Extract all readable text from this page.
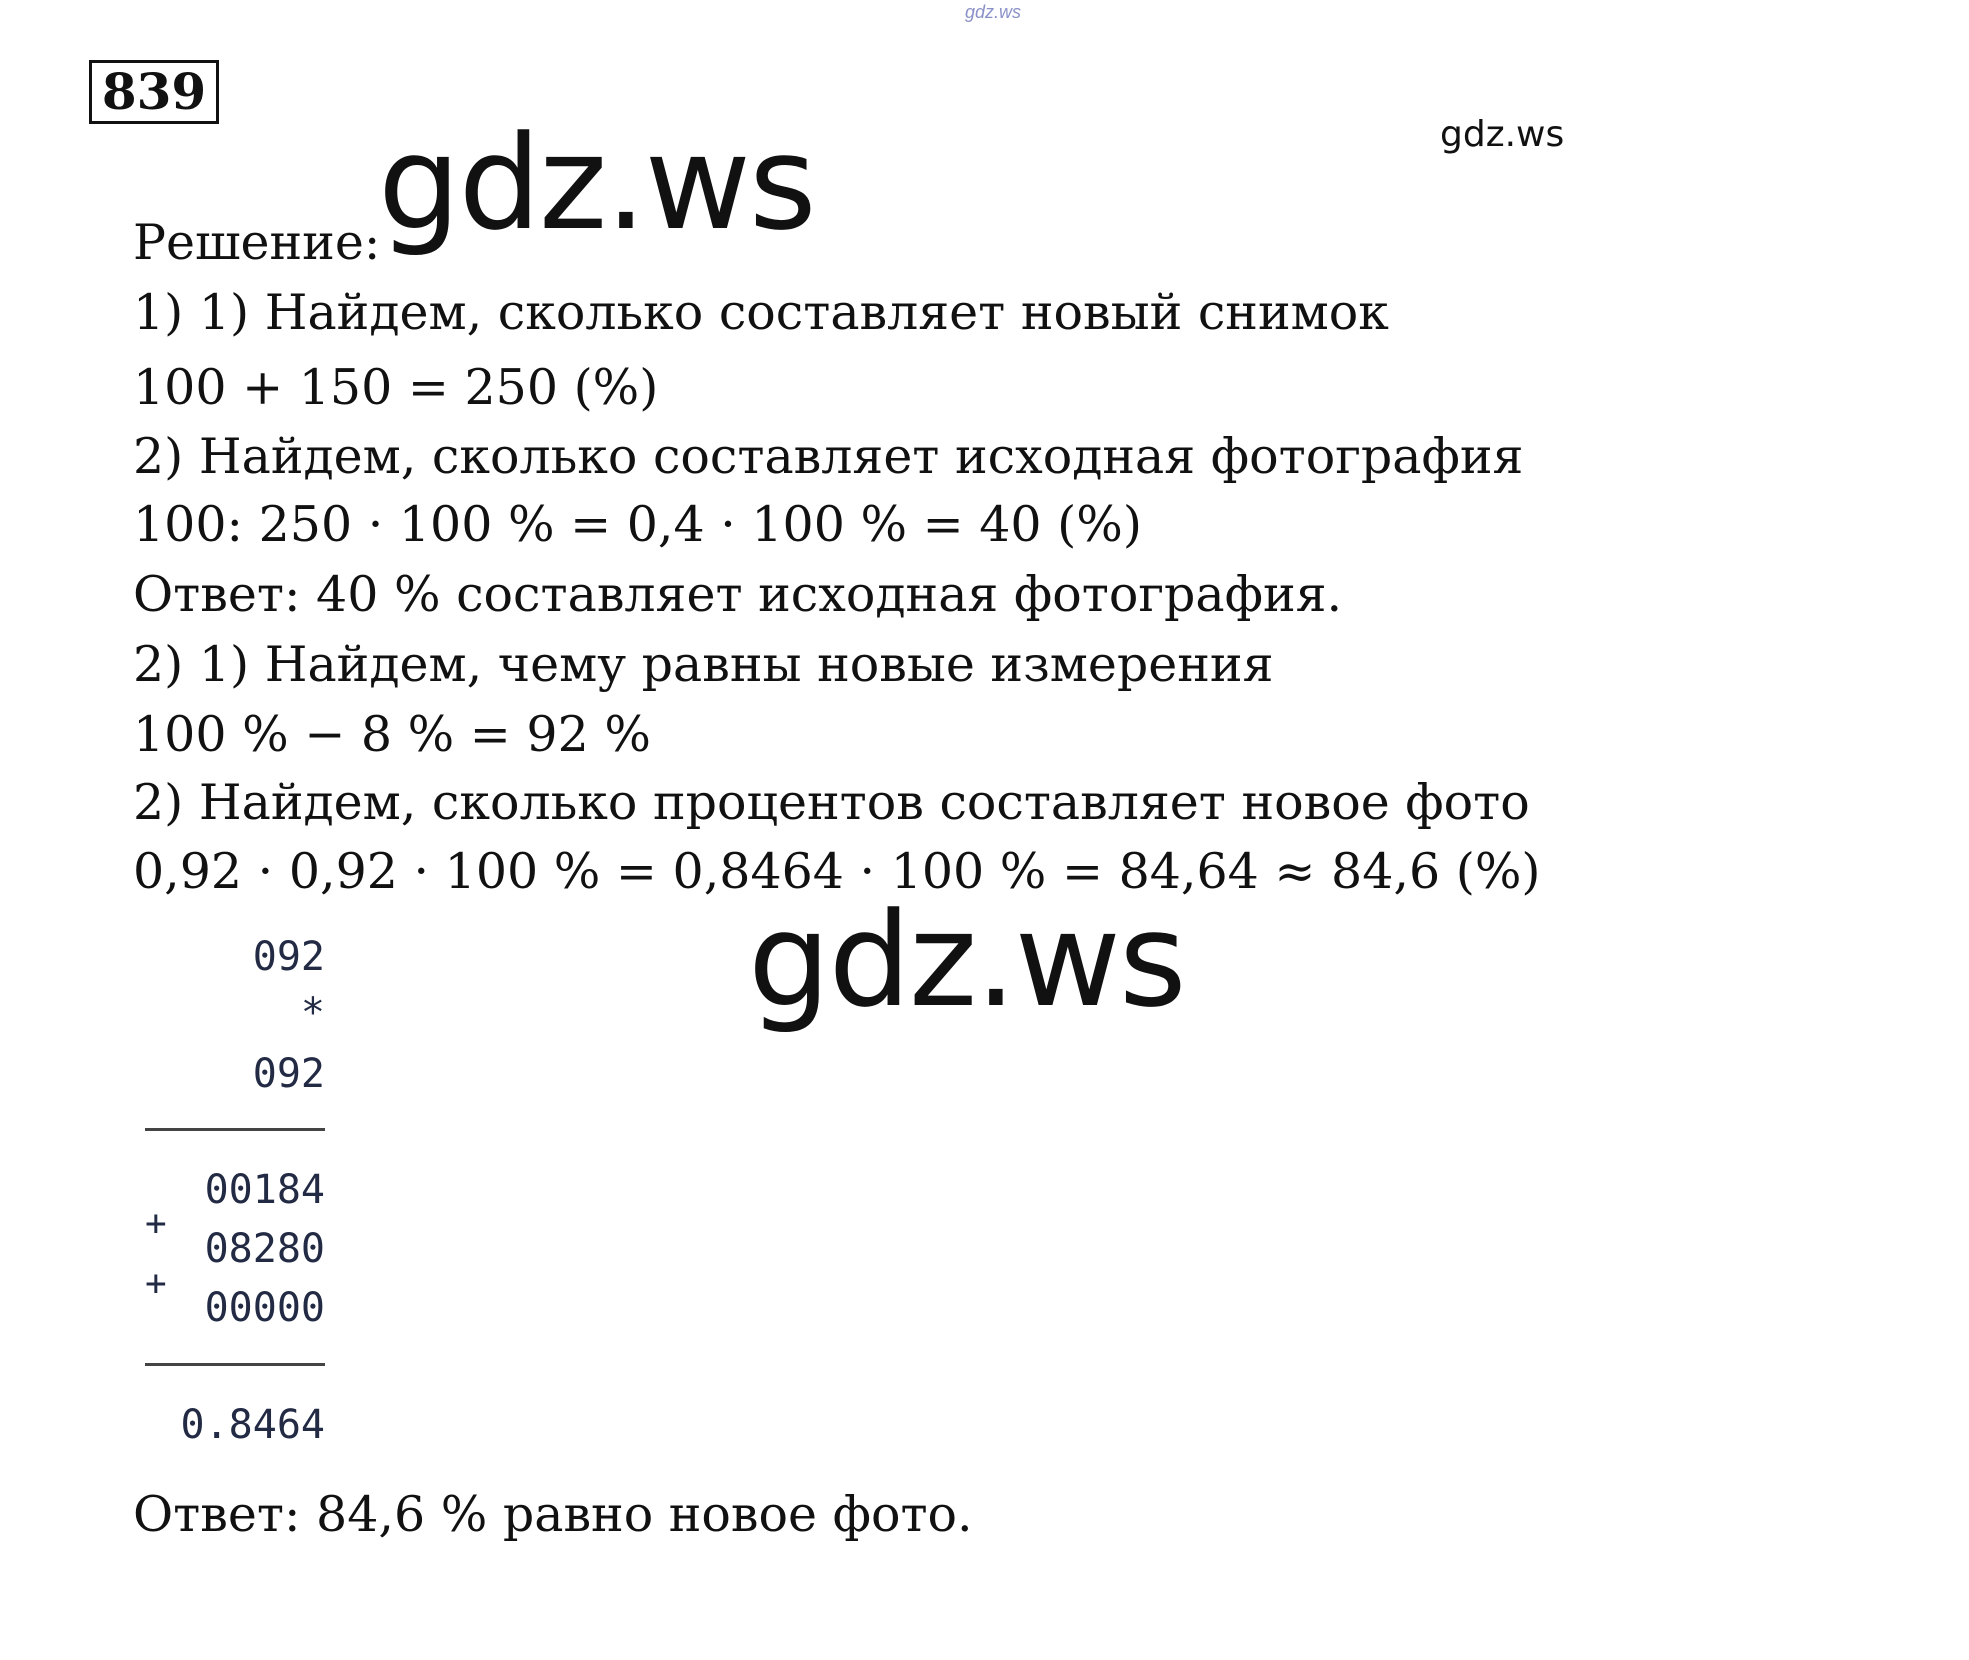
gdz.ws
839
gdz.ws
gdz.ws
Решение:
1) 1) Найдем, сколько составляет новый снимок
100 + 150 = 250 (%)
2) Найдем, сколько составляет исходная фотография
100: 250 · 100 % = 0,4 · 100 % = 40 (%)
Ответ: 40 % составляет исходная фотография.
2) 1) Найдем, чему равны новые измерения
100 % − 8 % = 92 %
2) Найдем, сколько процентов составляет новое фото
0,92 · 0,92 · 100 % = 0,8464 · 100 % = 84,64 ≈ 84,6 (%)
gdz.ws
092
*
092
00184
+
08280
+
00000
0.8464
Ответ: 84,6 % равно новое фото.
